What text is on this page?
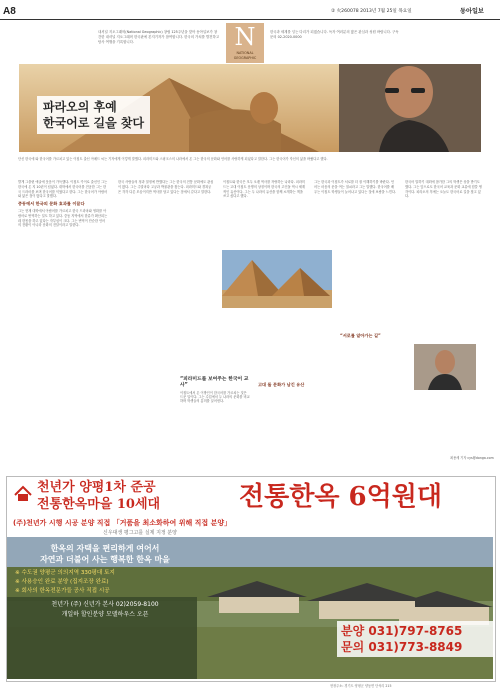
A8	② 火260078 2013년 7월 25일 목요일	동아일보
내셔널 지오그래픽(National Geographic) 창립 125주년을 맞아 동아일보가 창간한 내셔널 지오그래픽 한국판에 본지기자가 참여합니다. 한국의 가치를 발건하고 탐사 여행을 기록합니다.	N
NATIONAL GEOGRAPHIC
한국과 세계를 잉는 다리가 되겠습니다. 독자 여러분의 많은 관심과 성원 바랍니다. 구독문의 02-2020-0000
파라오의 후예
한국어로 길을 찾다
단신 한국에 와 한국어를 가르치고 있는 이집트 출신 아메드 씨는 기자에게 이렇게 말했다. 피라미드와 스핑크스의 나라에서 온 그는 한국의 문화와 언어를 사랑하게 되었다고 말한다. 그는 한국어가 자신의 삶을 바꿨다고 했다.
발게 그을린 얘굴에 웃음이 가득했다. 이집트 카이로 출신인 그는 한국에 온 지 10년이 넘었다. 대학에서 한국어를 전공한 그는 한국 드라마를 보며 한국어를 익혔다고 한다. 그는 한국어가 아랍어와 닮은 점이 많다고 말했다.
중동에서 한국의 문화 효과를 이끌다
그는 현재 대학에서 아랍어를 가르치고 한국 드라마와 영화를 아랍어로 번역하는 일도 하고 있다. 중동 지역에서 한류가 확산되는 데 한몸을 하고 있다는 자부심이 크다. 그는 번역이 단순한 언어의 전환이 아니라 문화의 전달이라고 말한다.
한국 사람들의 정과 열정에 반했다는 그는 한국의 전통 문화에도 관심이 많다. 그는 주말마다 고궁과 박물관을 찾는다. 피라미드와 경복궁은 각각 다른 모습이지만 역사를 담고 있다는 점에서 같다고 말한다.
이집트와 한국은 모두 오랜 역사를 자랑하는 나라다. 피라미드는 고대 이집트 문명의 상징이며 한국의 고인돌 역시 세계적인 유산이다. 그는 두 나라의 유산을 함께 소개하는 책을 쓰고 싶다고 했다.
그는 한국과 이집트가 서로를 더 잘 이해하기를 바란다. 언어는 마음의 문을 여는 열쇠라고 그는 말했다. 한국어를 배우는 이집트 학생들이 늘어나고 있다는 것에 보람을 느낀다.
한국어 말하기 대회에 참가한 그의 학생은 상을 받기도 했다. 그는 앞으로도 한국어 교육과 문화 교류에 힘쓸 생각이다. 피라오의 후예는 오늘도 한국어로 길을 찾고 있다.
“피라미드를 보여주는 한국어 교사”
이집트에서 온 이방인이 한국어를 가르치는 것은 드문 일이다. 그는 수업에서 두 나라의 문화를 비교하며 학생들의 흥미를 끌어낸다.
고대 돌 문화가 남긴 유산
“서로를 알아가는 길”
최용세 기자 cys@donga.com
천년가 양평1차 준공
전통한옥마을 10세대	전통한옥 6억원대
(주)천년가 시행 시공 분양 직접 「거품을 최소화하여 위해 직접 분양」
신우대생 평그고를 실제 지정 분양
한옥의 자택을 편리하게 여어서
자연과 더불어 사는 행복한 한옥 마을
※ 수도권 양평군 의의지역 330평대 토지
※ 사용승인 완료 분양 (집지조장 완료)
※ 회사의 한옥전문가들 공사 직접 시공
천년가 (주) 신년가 본사 02)2059-8100
개일하 할인분양 모델하우스 오픈
분양 031)797-8765
문의 031)773-8849
현장주소: 경기도 양평군 양동면 단석리 215
